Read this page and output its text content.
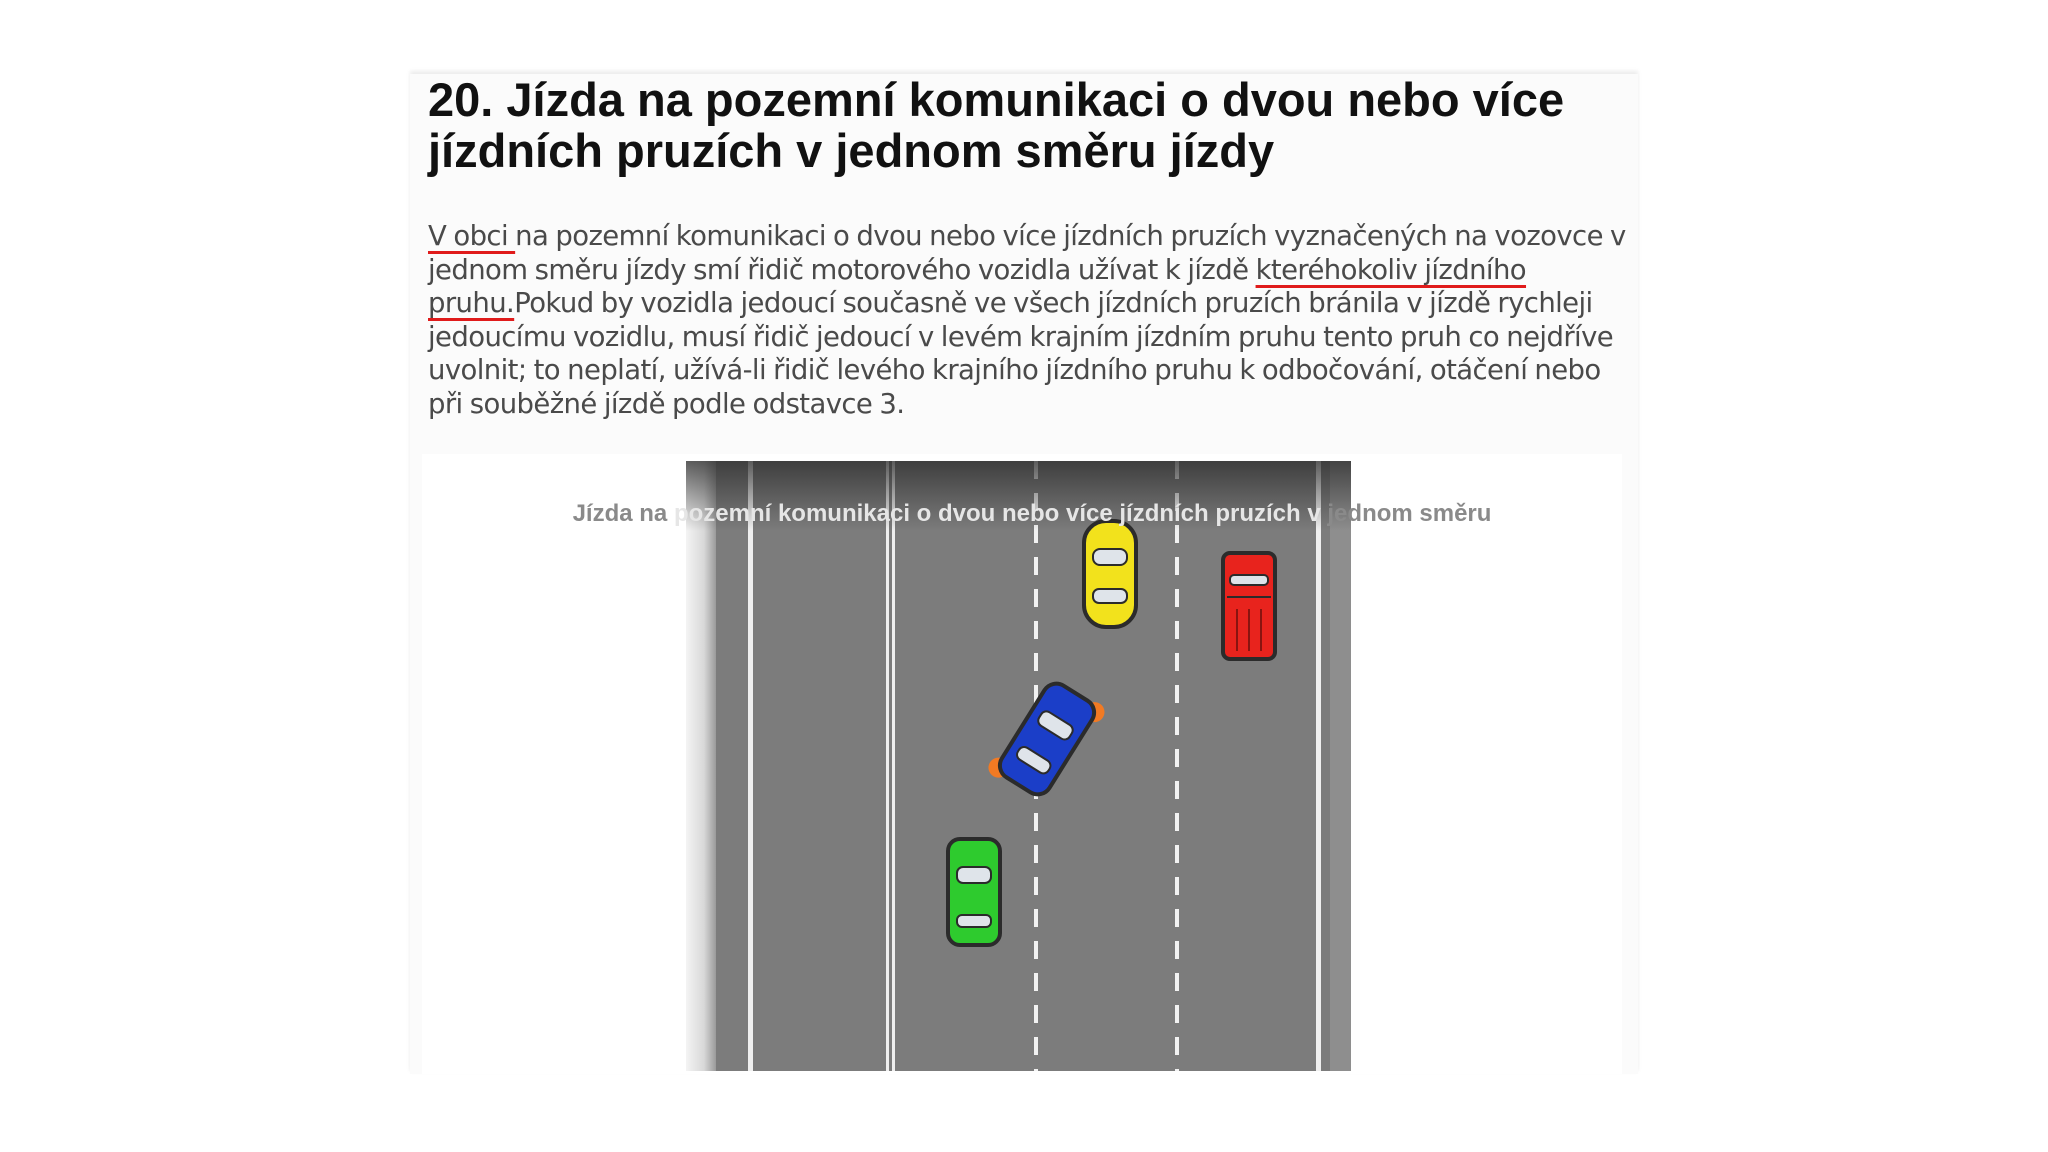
20. Jízda na pozemní komunikaci o dvou nebo více jízdních pruzích v jednom směru jízdy

V obci na pozemní komunikaci o dvou nebo více jízdních pruzích vyznačených na vozovce v jednom směru jízdy smí řidič motorového vozidla užívat k jízdě kteréhokoliv jízdního pruhu.Pokud by vozidla jedoucí současně ve všech jízdních pruzích bránila v jízdě rychleji jedoucímu vozidlu, musí řidič jedoucí v levém krajním jízdním pruhu tento pruh co nejdříve uvolnit; to neplatí, užívá-li řidič levého krajního jízdního pruhu k odbočování, otáčení nebo při souběžné jízdě podle odstavce 3.

Jízda na pozemní komunikaci o dvou nebo více jízdních pruzích v jednom směru
